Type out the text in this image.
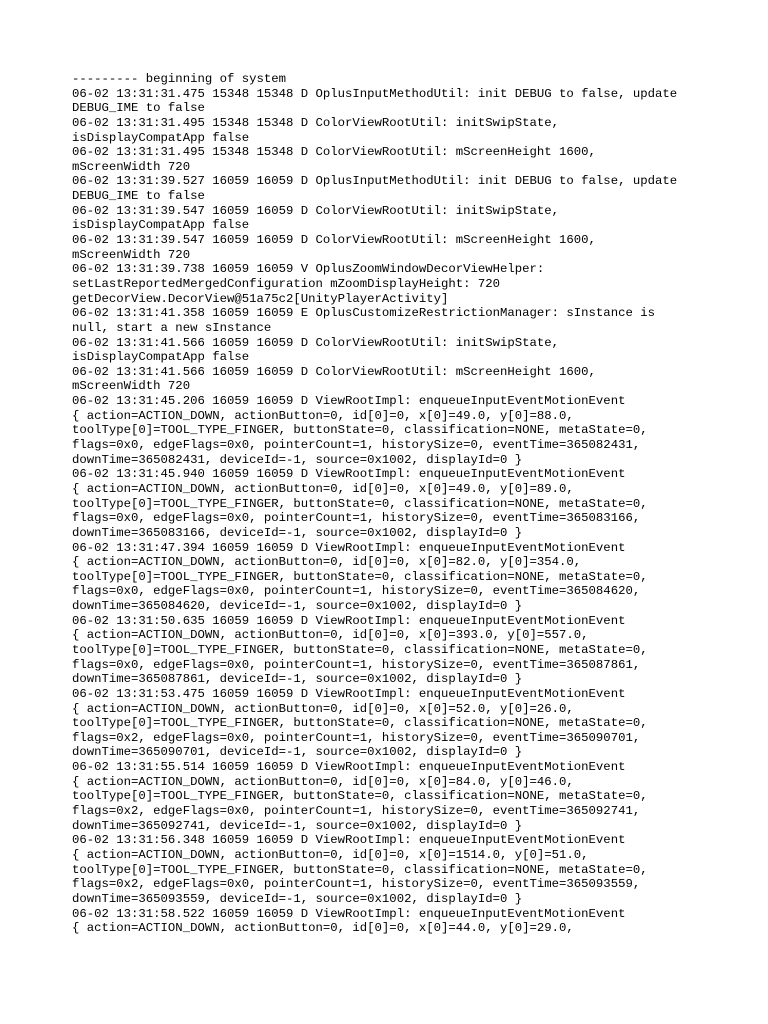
--------- beginning of system
06-02 13:31:31.475 15348 15348 D OplusInputMethodUtil: init DEBUG to false, update
DEBUG_IME to false
06-02 13:31:31.495 15348 15348 D ColorViewRootUtil: initSwipState,
isDisplayCompatApp false
06-02 13:31:31.495 15348 15348 D ColorViewRootUtil: mScreenHeight 1600,
mScreenWidth 720
06-02 13:31:39.527 16059 16059 D OplusInputMethodUtil: init DEBUG to false, update
DEBUG_IME to false
06-02 13:31:39.547 16059 16059 D ColorViewRootUtil: initSwipState,
isDisplayCompatApp false
06-02 13:31:39.547 16059 16059 D ColorViewRootUtil: mScreenHeight 1600,
mScreenWidth 720
06-02 13:31:39.738 16059 16059 V OplusZoomWindowDecorViewHelper:
setLastReportedMergedConfiguration mZoomDisplayHeight: 720
getDecorView.DecorView@51a75c2[UnityPlayerActivity]
06-02 13:31:41.358 16059 16059 E OplusCustomizeRestrictionManager: sInstance is
null, start a new sInstance
06-02 13:31:41.566 16059 16059 D ColorViewRootUtil: initSwipState,
isDisplayCompatApp false
06-02 13:31:41.566 16059 16059 D ColorViewRootUtil: mScreenHeight 1600,
mScreenWidth 720
06-02 13:31:45.206 16059 16059 D ViewRootImpl: enqueueInputEventMotionEvent
{ action=ACTION_DOWN, actionButton=0, id[0]=0, x[0]=49.0, y[0]=88.0,
toolType[0]=TOOL_TYPE_FINGER, buttonState=0, classification=NONE, metaState=0,
flags=0x0, edgeFlags=0x0, pointerCount=1, historySize=0, eventTime=365082431,
downTime=365082431, deviceId=-1, source=0x1002, displayId=0 }
06-02 13:31:45.940 16059 16059 D ViewRootImpl: enqueueInputEventMotionEvent
{ action=ACTION_DOWN, actionButton=0, id[0]=0, x[0]=49.0, y[0]=89.0,
toolType[0]=TOOL_TYPE_FINGER, buttonState=0, classification=NONE, metaState=0,
flags=0x0, edgeFlags=0x0, pointerCount=1, historySize=0, eventTime=365083166,
downTime=365083166, deviceId=-1, source=0x1002, displayId=0 }
06-02 13:31:47.394 16059 16059 D ViewRootImpl: enqueueInputEventMotionEvent
{ action=ACTION_DOWN, actionButton=0, id[0]=0, x[0]=82.0, y[0]=354.0,
toolType[0]=TOOL_TYPE_FINGER, buttonState=0, classification=NONE, metaState=0,
flags=0x0, edgeFlags=0x0, pointerCount=1, historySize=0, eventTime=365084620,
downTime=365084620, deviceId=-1, source=0x1002, displayId=0 }
06-02 13:31:50.635 16059 16059 D ViewRootImpl: enqueueInputEventMotionEvent
{ action=ACTION_DOWN, actionButton=0, id[0]=0, x[0]=393.0, y[0]=557.0,
toolType[0]=TOOL_TYPE_FINGER, buttonState=0, classification=NONE, metaState=0,
flags=0x0, edgeFlags=0x0, pointerCount=1, historySize=0, eventTime=365087861,
downTime=365087861, deviceId=-1, source=0x1002, displayId=0 }
06-02 13:31:53.475 16059 16059 D ViewRootImpl: enqueueInputEventMotionEvent
{ action=ACTION_DOWN, actionButton=0, id[0]=0, x[0]=52.0, y[0]=26.0,
toolType[0]=TOOL_TYPE_FINGER, buttonState=0, classification=NONE, metaState=0,
flags=0x2, edgeFlags=0x0, pointerCount=1, historySize=0, eventTime=365090701,
downTime=365090701, deviceId=-1, source=0x1002, displayId=0 }
06-02 13:31:55.514 16059 16059 D ViewRootImpl: enqueueInputEventMotionEvent
{ action=ACTION_DOWN, actionButton=0, id[0]=0, x[0]=84.0, y[0]=46.0,
toolType[0]=TOOL_TYPE_FINGER, buttonState=0, classification=NONE, metaState=0,
flags=0x2, edgeFlags=0x0, pointerCount=1, historySize=0, eventTime=365092741,
downTime=365092741, deviceId=-1, source=0x1002, displayId=0 }
06-02 13:31:56.348 16059 16059 D ViewRootImpl: enqueueInputEventMotionEvent
{ action=ACTION_DOWN, actionButton=0, id[0]=0, x[0]=1514.0, y[0]=51.0,
toolType[0]=TOOL_TYPE_FINGER, buttonState=0, classification=NONE, metaState=0,
flags=0x2, edgeFlags=0x0, pointerCount=1, historySize=0, eventTime=365093559,
downTime=365093559, deviceId=-1, source=0x1002, displayId=0 }
06-02 13:31:58.522 16059 16059 D ViewRootImpl: enqueueInputEventMotionEvent
{ action=ACTION_DOWN, actionButton=0, id[0]=0, x[0]=44.0, y[0]=29.0,
